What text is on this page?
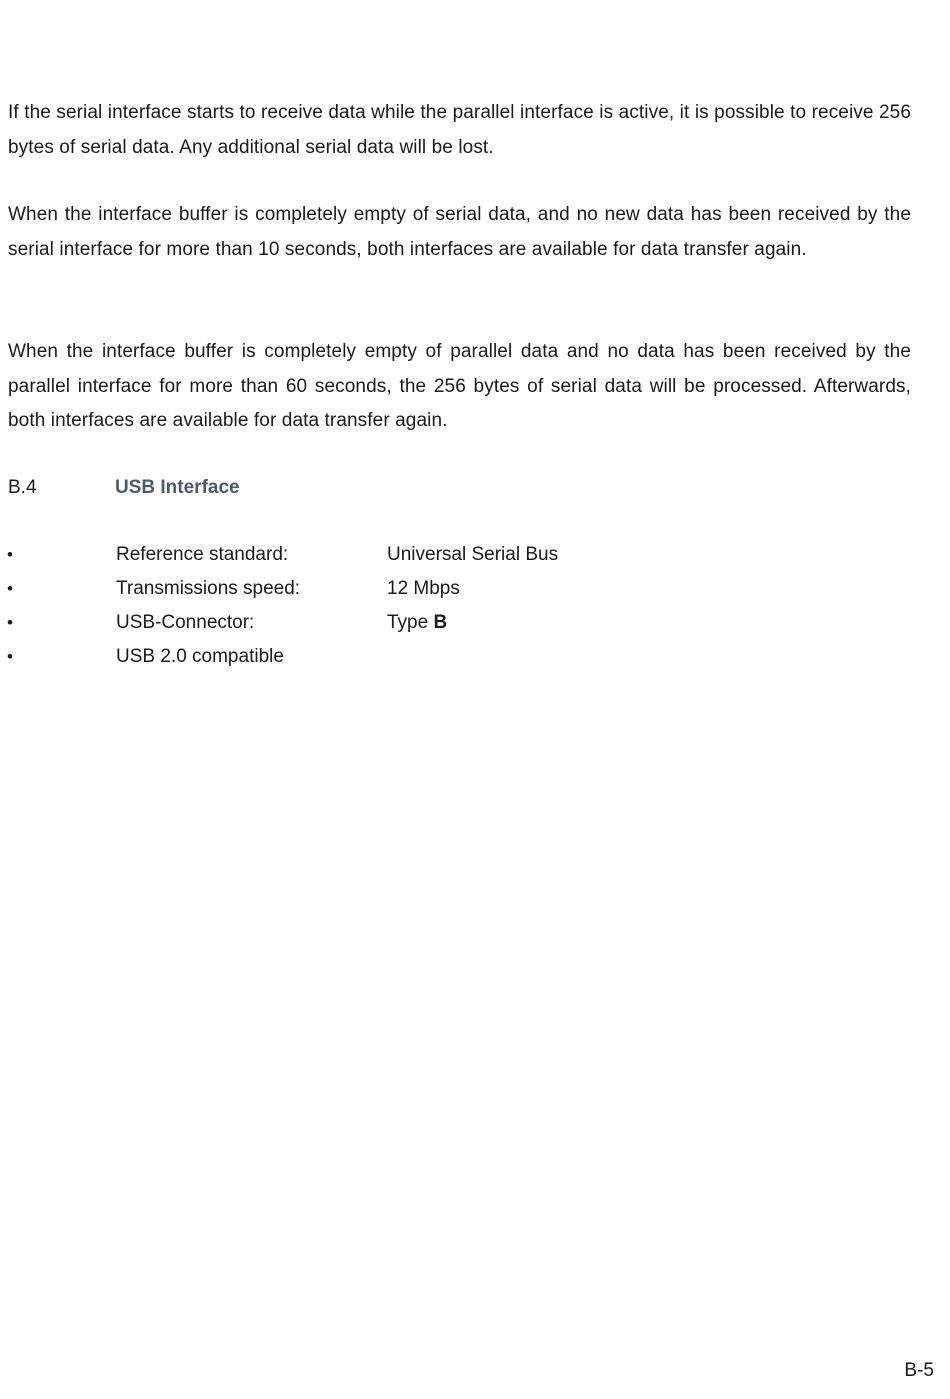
If the serial interface starts to receive data while the parallel interface is active, it is possible to receive 256 bytes of serial data. Any additional serial data will be lost.

When the interface buffer is completely empty of serial data, and no new data has been received by the serial interface for more than 10 seconds, both interfaces are available for data transfer again.

When the interface buffer is completely empty of parallel data and no data has been received by the parallel interface for more than 60 seconds, the 256 bytes of serial data will be processed. Afterwards, both interfaces are available for data transfer again.

B.4	USB Interface
•	Reference standard:	Universal Serial Bus
•	Transmissions speed:	12 Mbps
•	USB-Connector:	Type B
•	USB 2.0 compatible
B-5
